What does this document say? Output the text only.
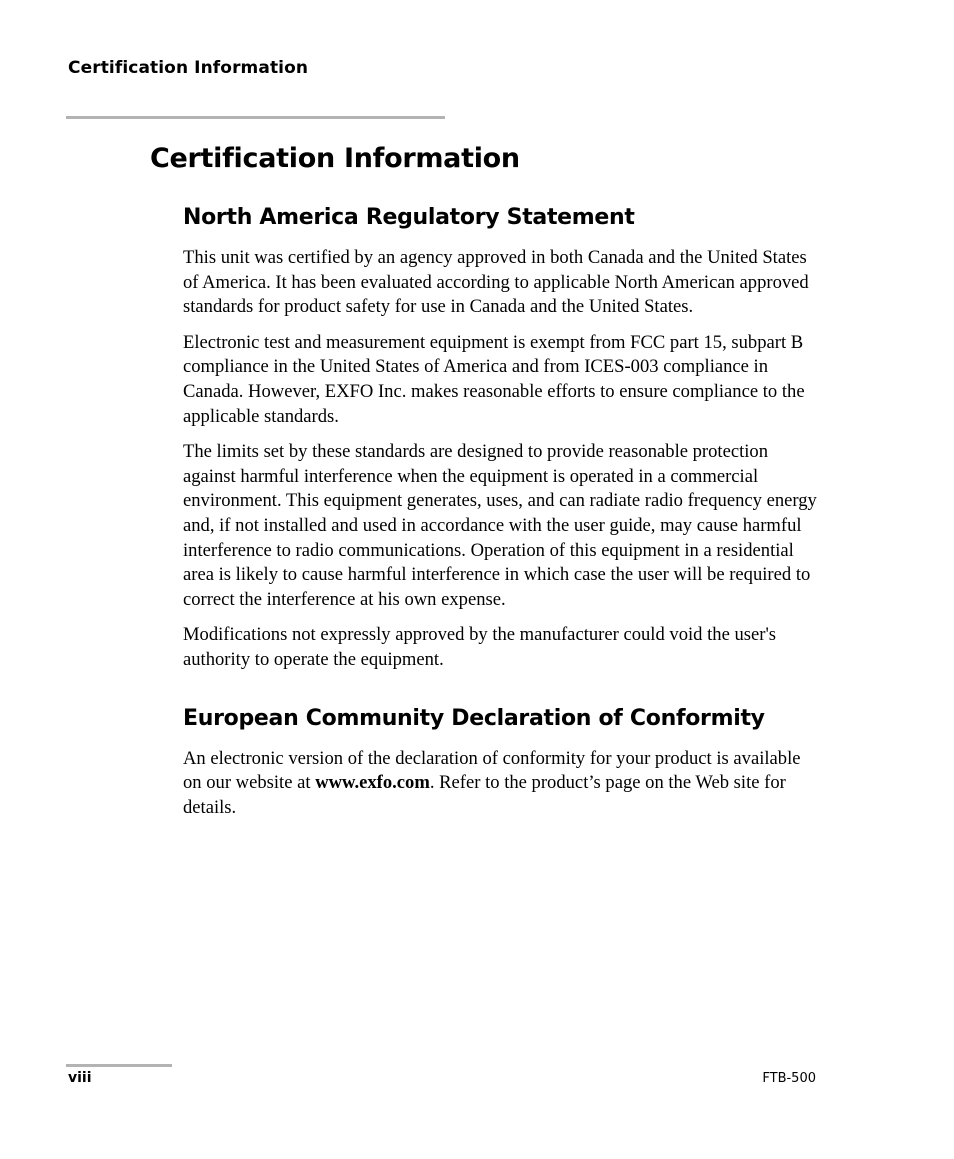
Certification Information
Certification Information
North America Regulatory Statement

This unit was certified by an agency approved in both Canada and the United States of America. It has been evaluated according to applicable North American approved standards for product safety for use in Canada and the United States.

Electronic test and measurement equipment is exempt from FCC part 15, subpart B compliance in the United States of America and from ICES-003 compliance in Canada. However, EXFO Inc. makes reasonable efforts to ensure compliance to the applicable standards.

The limits set by these standards are designed to provide reasonable protection against harmful interference when the equipment is operated in a commercial environment. This equipment generates, uses, and can radiate radio frequency energy and, if not installed and used in accordance with the user guide, may cause harmful interference to radio communications. Operation of this equipment in a residential area is likely to cause harmful interference in which case the user will be required to correct the interference at his own expense.

Modifications not expressly approved by the manufacturer could void the user's authority to operate the equipment.

European Community Declaration of Conformity

An electronic version of the declaration of conformity for your product is available on our website at www.exfo.com. Refer to the product’s page on the Web site for details.

viii	FTB-500
